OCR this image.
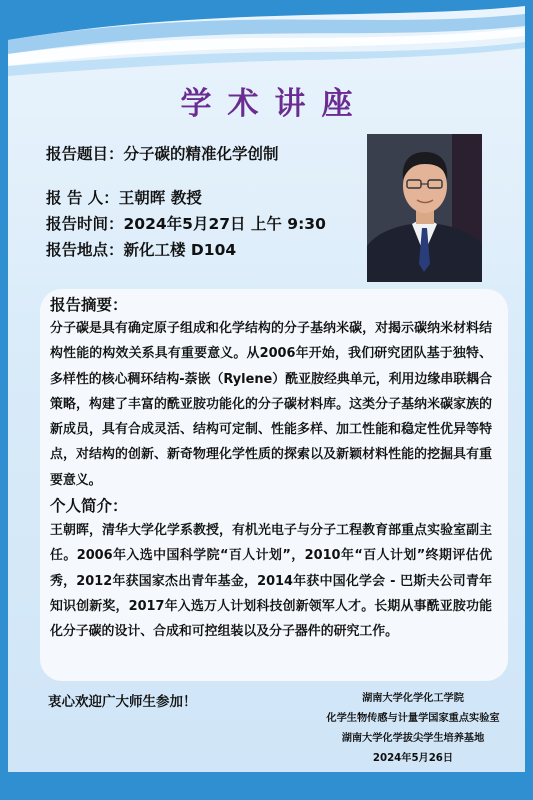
学术讲座
报告题目：分子碳的精准化学创制
报 告 人：王朝晖 教授
报告时间：2024年5月27日 上午 9:30
报告地点：新化工楼 D104
报告摘要：

分子碳是具有确定原子组成和化学结构的分子基纳米碳，对揭示碳纳米材料结构性能的构效关系具有重要意义。从2006年开始，我们研究团队基于独特、多样性的核心稠环结构-萘嵌（Rylene）酰亚胺经典单元，利用边缘串联耦合策略，构建了丰富的酰亚胺功能化的分子碳材料库。这类分子基纳米碳家族的新成员，具有合成灵活、结构可定制、性能多样、加工性能和稳定性优异等特点，对结构的创新、新奇物理化学性质的探索以及新颖材料性能的挖掘具有重要意义。

个人简介：

王朝晖，清华大学化学系教授，有机光电子与分子工程教育部重点实验室副主任。2006年入选中国科学院“百人计划”，2010年“百人计划”终期评估优秀，2012年获国家杰出青年基金，2014年获中国化学会 - 巴斯夫公司青年知识创新奖，2017年入选万人计划科技创新领军人才。长期从事酰亚胺功能化分子碳的设计、合成和可控组装以及分子器件的研究工作。

衷心欢迎广大师生参加！	湖南大学化学化工学院
化学生物传感与计量学国家重点实验室
湖南大学化学拔尖学生培养基地
2024年5月26日
